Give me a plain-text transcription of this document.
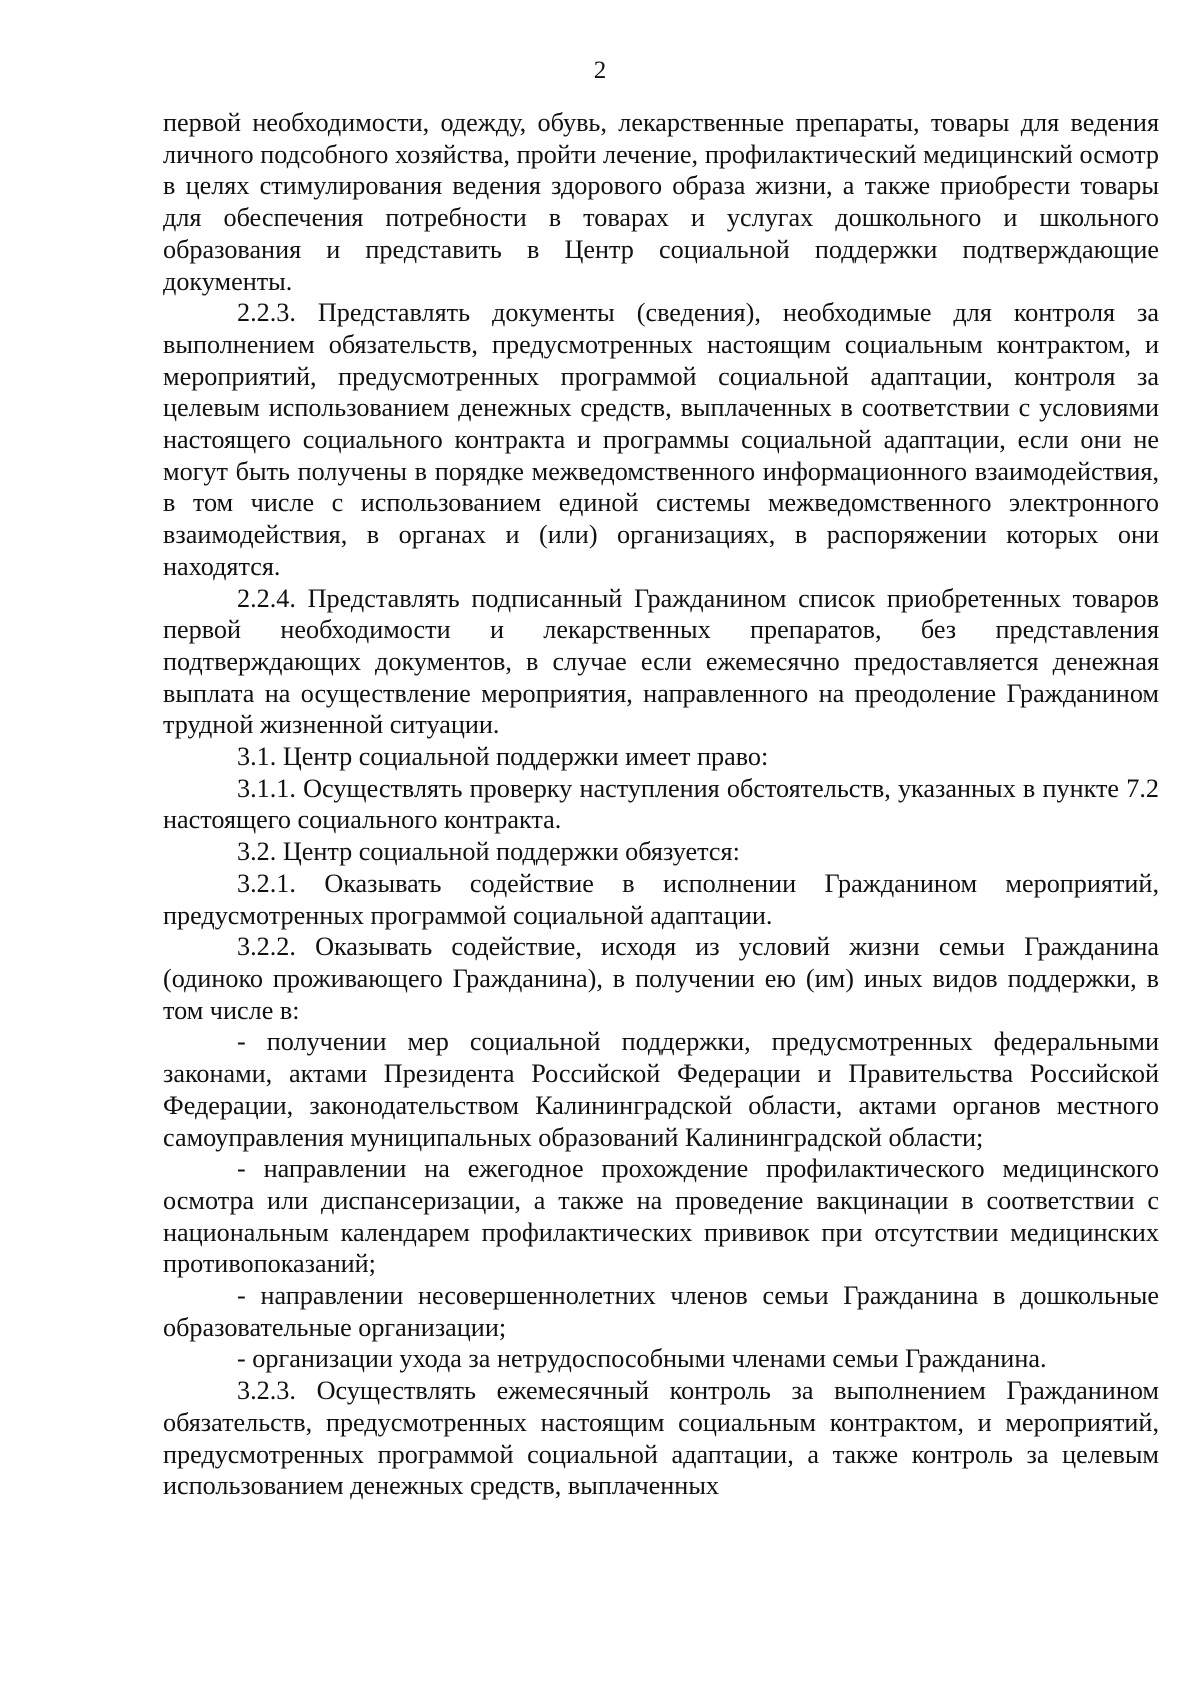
2

первой необходимости, одежду, обувь, лекарственные препараты, товары для ведения личного подсобного хозяйства, пройти лечение, профилактический медицинский осмотр в целях стимулирования ведения здорового образа жизни, а также приобрести товары для обеспечения потребности в товарах и услугах дошкольного и школьного образования и представить в Центр социальной поддержки подтверждающие документы.

2.2.3. Представлять документы (сведения), необходимые для контроля за выполнением обязательств, предусмотренных настоящим социальным контрактом, и мероприятий, предусмотренных программой социальной адаптации, контроля за целевым использованием денежных средств, выплаченных в соответствии с условиями настоящего социального контракта и программы социальной адаптации, если они не могут быть получены в порядке межведомственного информационного взаимодействия, в том числе с использованием единой системы межведомственного электронного взаимодействия, в органах и (или) организациях, в распоряжении которых они находятся.

2.2.4. Представлять подписанный Гражданином список приобретенных товаров первой необходимости и лекарственных препаратов, без представления подтверждающих документов, в случае если ежемесячно предоставляется денежная выплата на осуществление мероприятия, направленного на преодоление Гражданином трудной жизненной ситуации.

3.1. Центр социальной поддержки имеет право:

3.1.1. Осуществлять проверку наступления обстоятельств, указанных в пункте 7.2 настоящего социального контракта.

3.2. Центр социальной поддержки обязуется:

3.2.1. Оказывать содействие в исполнении Гражданином мероприятий, предусмотренных программой социальной адаптации.

3.2.2. Оказывать содействие, исходя из условий жизни семьи Гражданина (одиноко проживающего Гражданина), в получении ею (им) иных видов поддержки, в том числе в:

- получении мер социальной поддержки, предусмотренных федеральными законами, актами Президента Российской Федерации и Правительства Российской Федерации, законодательством Калининградской области, актами органов местного самоуправления муниципальных образований Калининградской области;

- направлении на ежегодное прохождение профилактического медицинского осмотра или диспансеризации, а также на проведение вакцинации в соответствии с национальным календарем профилактических прививок при отсутствии медицинских противопоказаний;

- направлении несовершеннолетних членов семьи Гражданина в дошкольные образовательные организации;

- организации ухода за нетрудоспособными членами семьи Гражданина.

3.2.3. Осуществлять ежемесячный контроль за выполнением Гражданином обязательств, предусмотренных настоящим социальным контрактом, и мероприятий, предусмотренных программой социальной адаптации, а также контроль за целевым использованием денежных средств, выплаченных
